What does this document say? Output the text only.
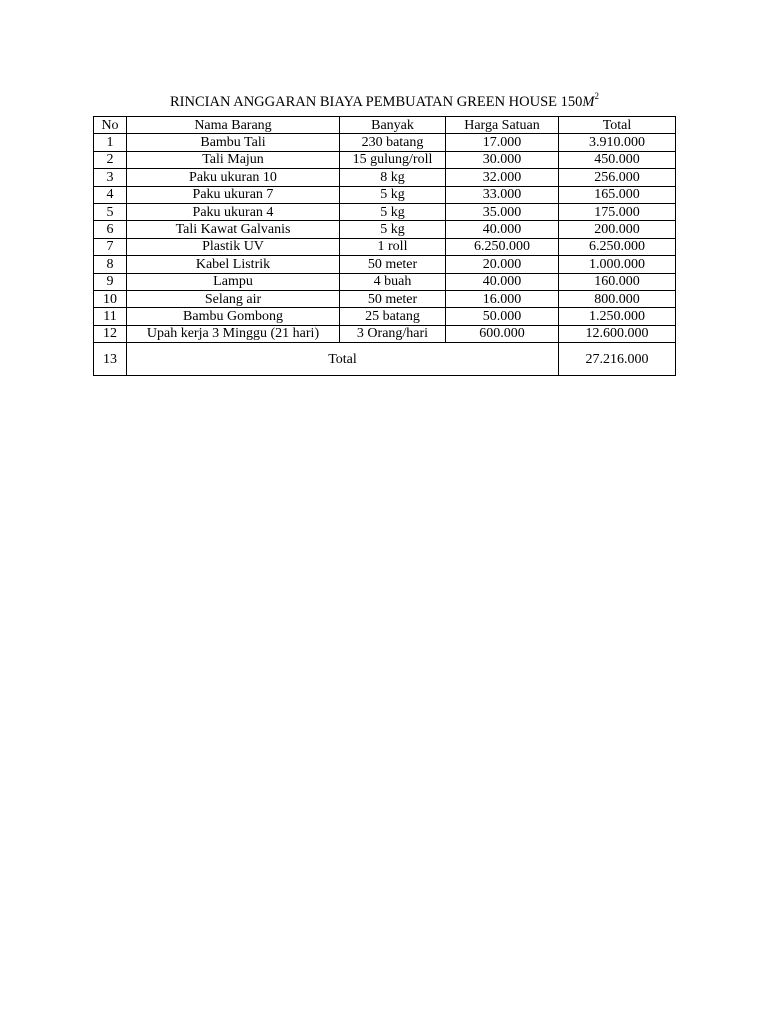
RINCIAN ANGGARAN BIAYA PEMBUATAN GREEN HOUSE $150M^2$
No	Nama Barang	Banyak	Harga Satuan	Total
1	Bambu Tali	230 batang	17.000	3.910.000
2	Tali Majun	15 gulung/roll	30.000	450.000
3	Paku ukuran 10	8 kg	32.000	256.000
4	Paku ukuran 7	5 kg	33.000	165.000
5	Paku ukuran 4	5 kg	35.000	175.000
6	Tali Kawat Galvanis	5 kg	40.000	200.000
7	Plastik UV	1 roll	6.250.000	6.250.000
8	Kabel Listrik	50 meter	20.000	1.000.000
9	Lampu	4 buah	40.000	160.000
10	Selang air	50 meter	16.000	800.000
11	Bambu Gombong	25 batang	50.000	1.250.000
12	Upah kerja 3 Minggu (21 hari)	3 Orang/hari	600.000	12.600.000
13	Total			27.216.000
